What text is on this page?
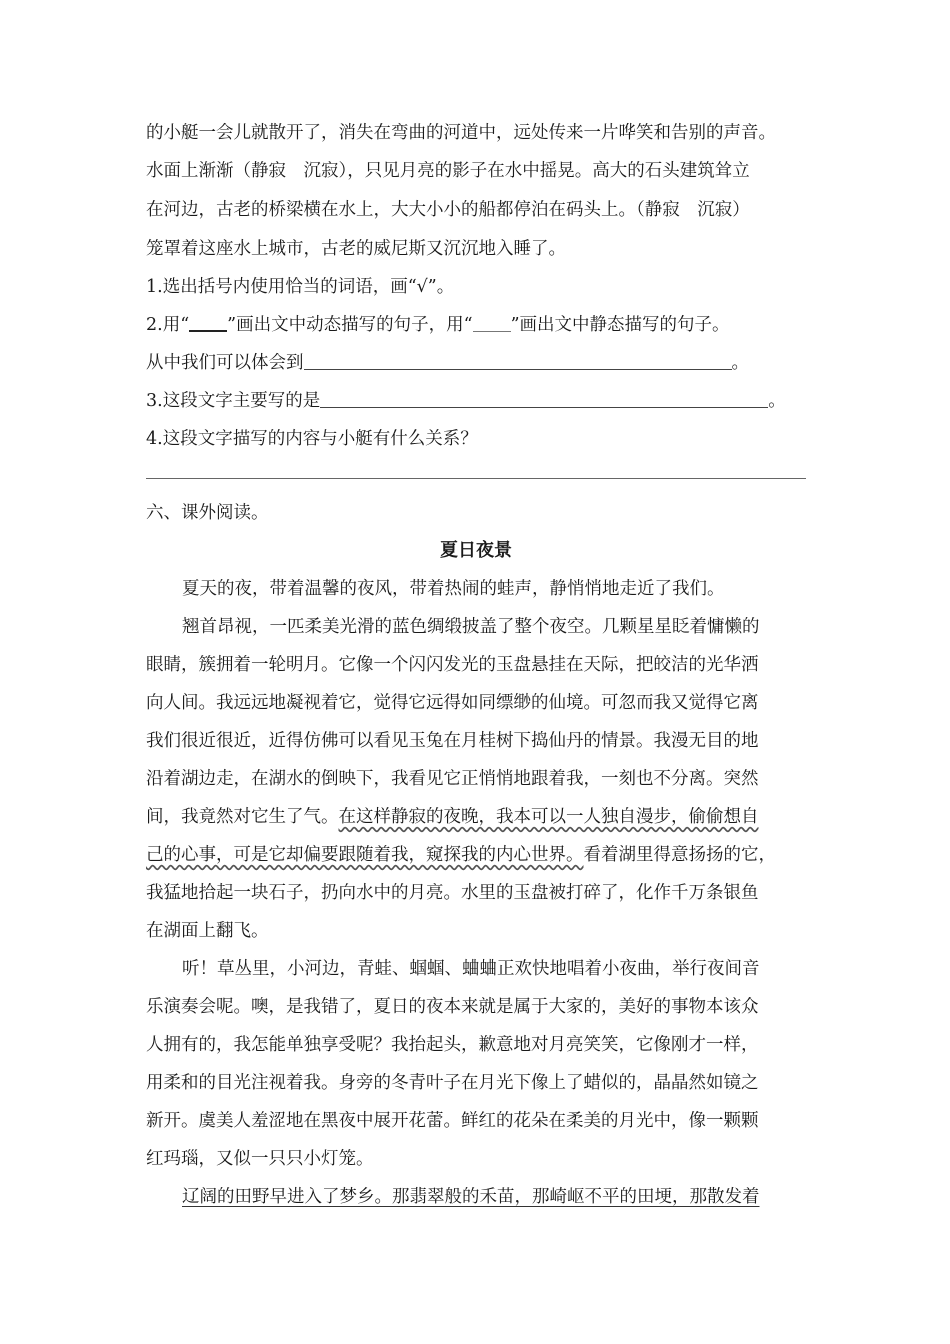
的小艇一会儿就散开了，消失在弯曲的河道中，远处传来一片哗笑和告别的声音。
水面上渐渐（静寂　沉寂），只见月亮的影子在水中摇晃。高大的石头建筑耸立
在河边，古老的桥梁横在水上，大大小小的船都停泊在码头上。（静寂　沉寂）
笼罩着这座水上城市，古老的威尼斯又沉沉地入睡了。
1.选出括号内使用恰当的词语，画“√”。
2.用“ ”画出文中动态描写的句子，用“ ”画出文中静态描写的句子。
从中我们可以体会到	。
3.这段文字主要写的是	。
4.这段文字描写的内容与小艇有什么关系？
六、课外阅读。
夏日夜景
夏天的夜，带着温馨的夜风，带着热闹的蛙声，静悄悄地走近了我们。
翘首昂视，一匹柔美光滑的蓝色绸缎披盖了整个夜空。几颗星星眨着慵懒的
眼睛，簇拥着一轮明月。它像一个闪闪发光的玉盘悬挂在天际，把皎洁的光华洒
向人间。我远远地凝视着它，觉得它远得如同缥缈的仙境。可忽而我又觉得它离
我们很近很近，近得仿佛可以看见玉兔在月桂树下捣仙丹的情景。我漫无目的地
沿着湖边走，在湖水的倒映下，我看见它正悄悄地跟着我，一刻也不分离。突然
间，我竟然对它生了气。在这样静寂的夜晚，我本可以一人独自漫步，偷偷想自
己的心事，可是它却偏要跟随着我，窥探我的内心世界。看着湖里得意扬扬的它，
我猛地拾起一块石子，扔向水中的月亮。水里的玉盘被打碎了，化作千万条银鱼
在湖面上翻飞。
听！草丛里，小河边，青蛙、蝈蝈、蛐蛐正欢快地唱着小夜曲，举行夜间音
乐演奏会呢。噢，是我错了，夏日的夜本来就是属于大家的，美好的事物本该众
人拥有的，我怎能单独享受呢？我抬起头，歉意地对月亮笑笑，它像刚才一样，
用柔和的目光注视着我。身旁的冬青叶子在月光下像上了蜡似的，晶晶然如镜之
新开。虞美人羞涩地在黑夜中展开花蕾。鲜红的花朵在柔美的月光中，像一颗颗
红玛瑙，又似一只只小灯笼。
辽阔的田野早进入了梦乡。那翡翠般的禾苗，那崎岖不平的田埂，那散发着
